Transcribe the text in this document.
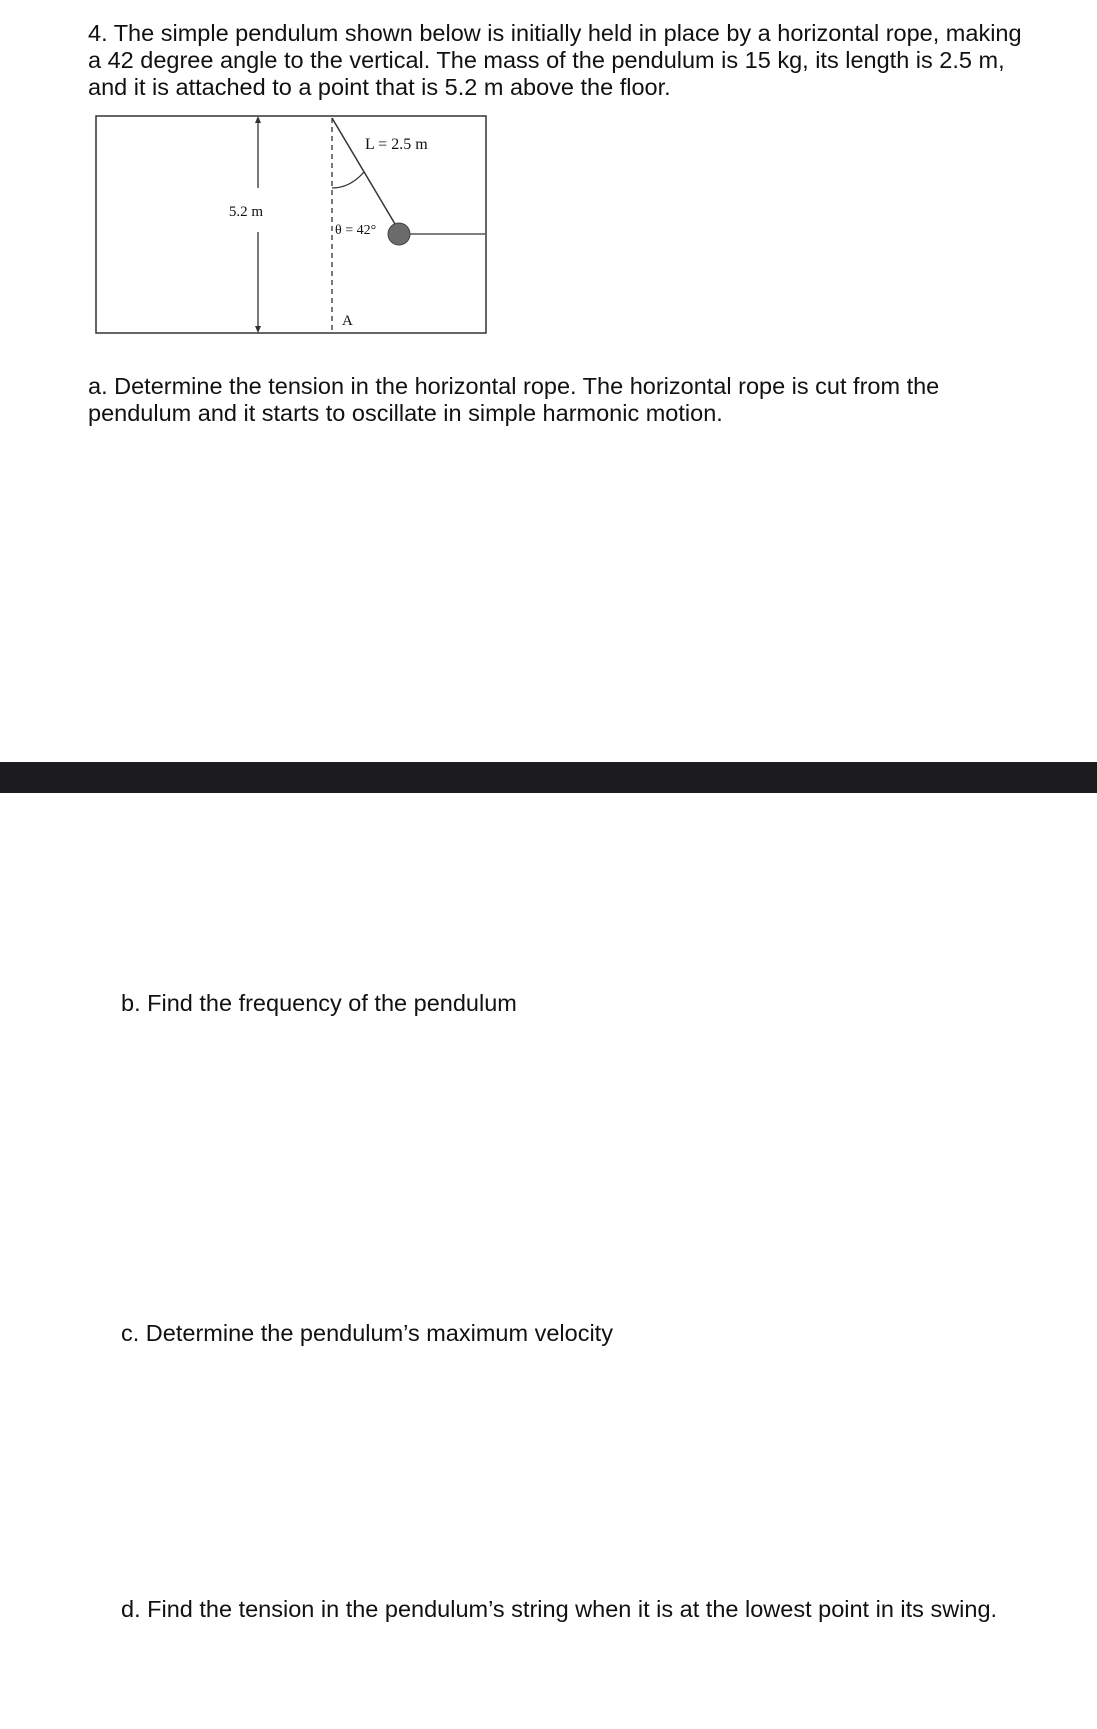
4. The simple pendulum shown below is initially held in place by a horizontal rope, making a 42 degree angle to the vertical. The mass of the pendulum is 15 kg, its length is 2.5 m, and it is attached to a point that is 5.2 m above the floor.

5.2 m
L = 2.5 m
θ = 42°
A

a. Determine the tension in the horizontal rope. The horizontal rope is cut from the pendulum and it starts to oscillate in simple harmonic motion.

b. Find the frequency of the pendulum

c. Determine the pendulum’s maximum velocity

d. Find the tension in the pendulum’s string when it is at the lowest point in its swing.
